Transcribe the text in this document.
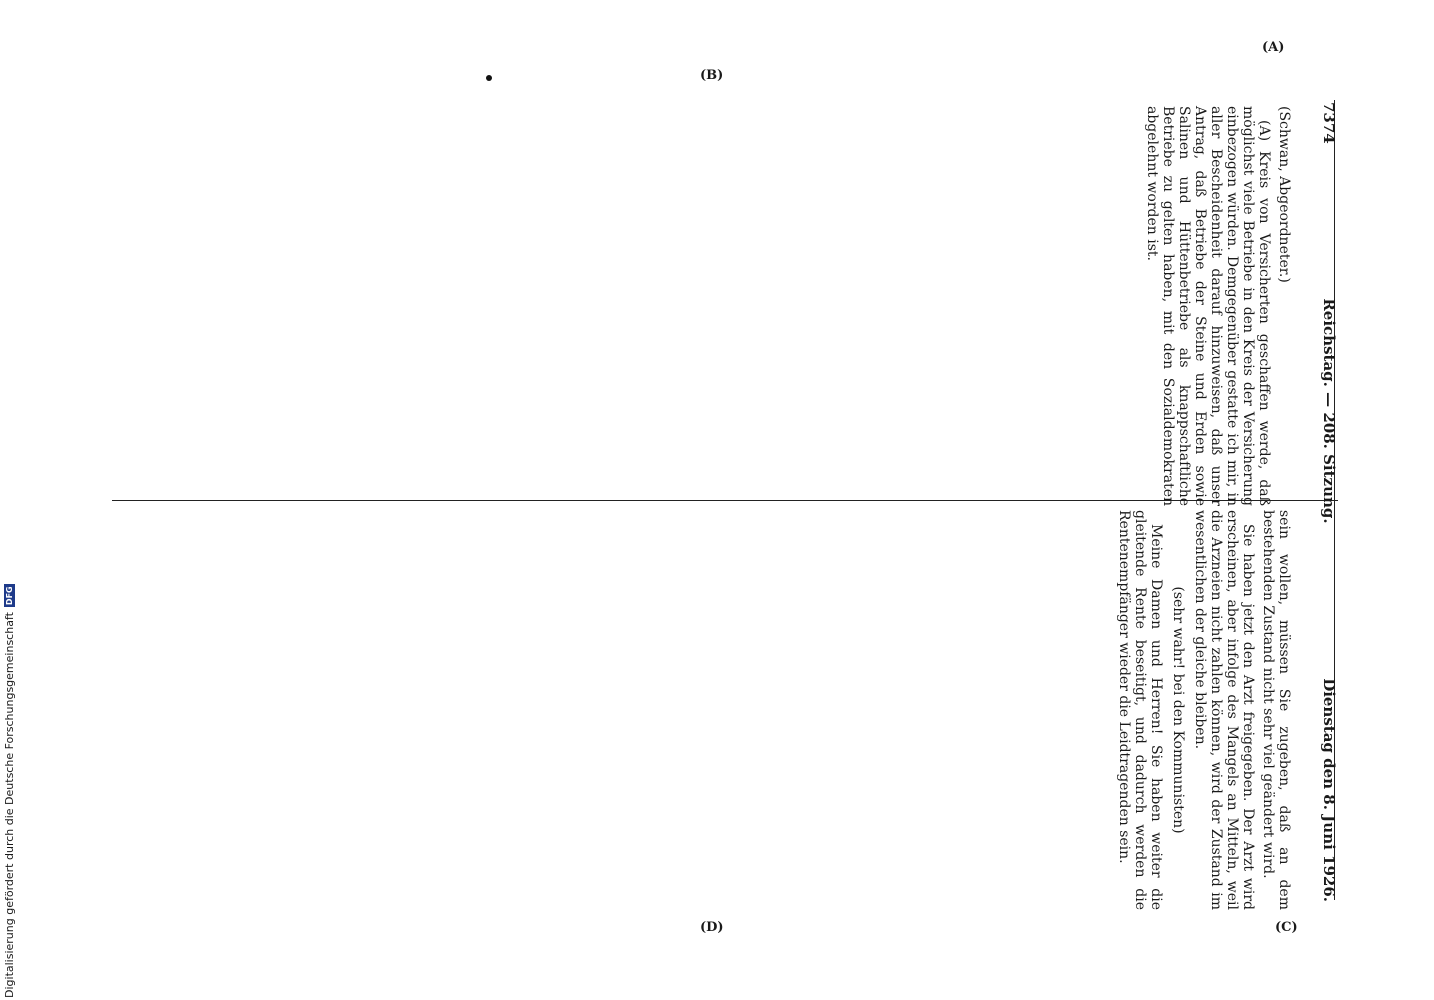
7374
Reichstag. — 208. Sitzung.
Dienstag den 8. Juni 1926.

(Schwan, Abgeordneter.)

(A) Kreis von Versicherten geschaffen werde, daß möglichst viele Betriebe in den Kreis der Versicherung einbezogen würden. Demgegenüber gestatte ich mir, in aller Bescheidenheit darauf hinzuweisen, daß unser Antrag, daß Betriebe der Steine und Erden sowie Salinen und Hüttenbetriebe als knappschaftliche Betriebe zu gelten haben, mit den Sozialdemokraten abgelehnt worden ist.

sein wollen, müssen Sie zugeben, daß an dem bestehenden Zustand nicht sehr viel geändert wird.

Sie haben jetzt den Arzt freigegeben. Der Arzt wird erscheinen, aber infolge des Mangels an Mitteln, weil die Arzneien nicht zahlen können, wird der Zustand im wesentlichen der gleiche bleiben.

(sehr wahr! bei den Kommunisten)

Meine Damen und Herren! Sie haben weiter die gleitende Rente beseitigt, und dadurch werden die Rentenempfänger wieder die Leidtragenden sein.

(A)
(B)
(C)
(D)
Digitalisierung gefördert durch die Deutsche Forschungsgemeinschaft
DFG
